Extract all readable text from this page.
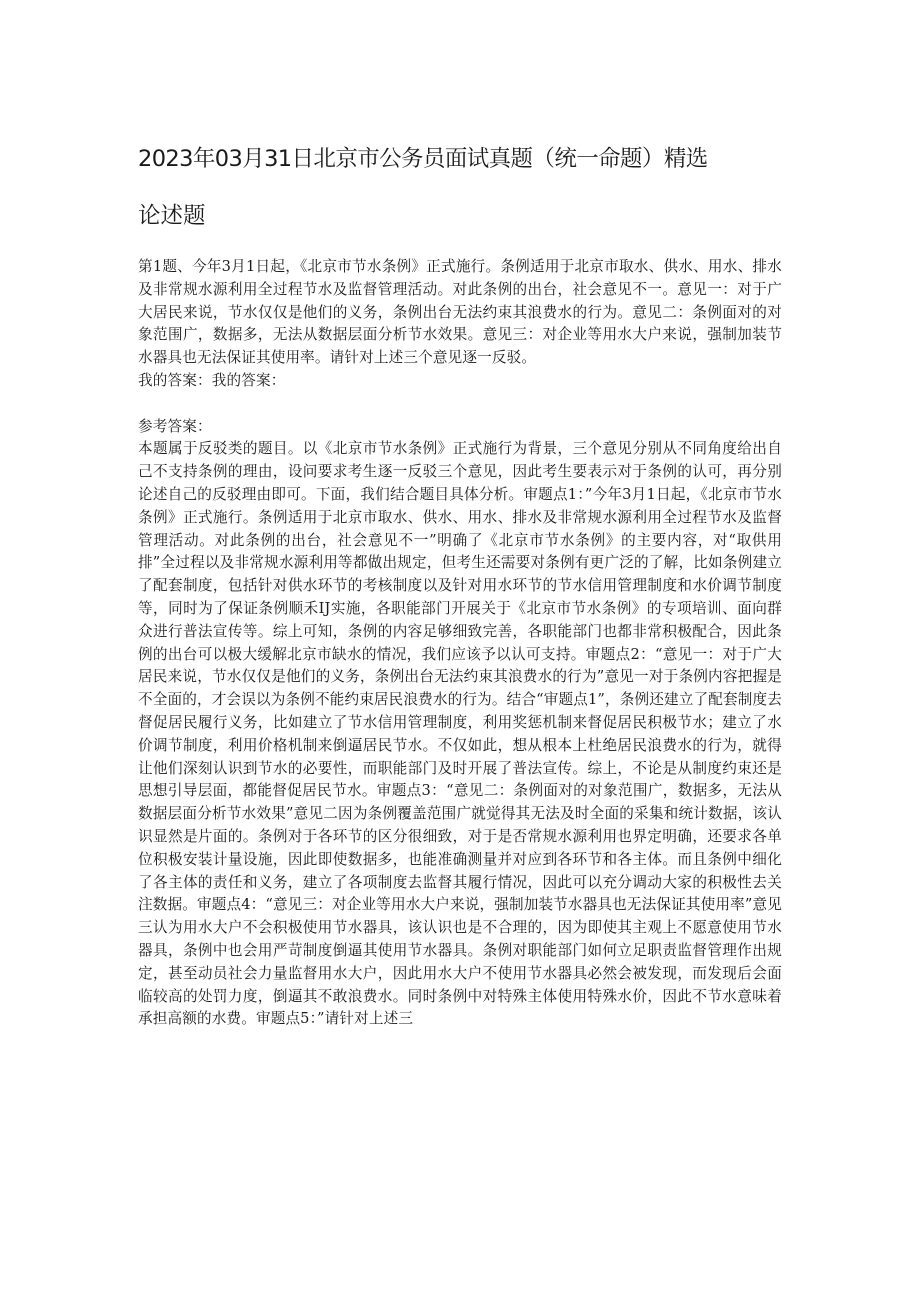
2023年03月31日北京市公务员面试真题（统一命题）精选
论述题

第1题、今年3月1日起，《北京市节水条例》正式施行。条例适用于北京市取水、供水、用水、排水及非常规水源利用全过程节水及监督管理活动。对此条例的出台，社会意见不一。意见一：对于广大居民来说，节水仅仅是他们的义务，条例出台无法约束其浪费水的行为。意见二：条例面对的对象范围广，数据多，无法从数据层面分析节水效果。意见三：对企业等用水大户来说，强制加装节水器具也无法保证其使用率。请针对上述三个意见逐一反驳。

我的答案：我的答案：

参考答案：

本题属于反驳类的题目。以《北京市节水条例》正式施行为背景，三个意见分别从不同角度给出自己不支持条例的理由，设问要求考生逐一反驳三个意见，因此考生要表示对于条例的认可，再分别论述自己的反驳理由即可。下面，我们结合题目具体分析。审题点1：”今年3月1日起，《北京市节水条例》正式施行。条例适用于北京市取水、供水、用水、排水及非常规水源利用全过程节水及监督管理活动。对此条例的出台，社会意见不一”明确了《北京市节水条例》的主要内容，对“取供用排”全过程以及非常规水源利用等都做出规定，但考生还需要对条例有更广泛的了解，比如条例建立了配套制度，包括针对供水环节的考核制度以及针对用水环节的节水信用管理制度和水价调节制度等，同时为了保证条例顺禾IJ实施，各职能部门开展关于《北京市节水条例》的专项培训、面向群众进行普法宣传等。综上可知，条例的内容足够细致完善，各职能部门也都非常积极配合，因此条例的出台可以极大缓解北京市缺水的情况，我们应该予以认可支持。审题点2：“意见一：对于广大居民来说，节水仅仅是他们的义务，条例出台无法约束其浪费水的行为”意见一对于条例内容把握是不全面的，才会误以为条例不能约束居民浪费水的行为。结合“审题点1”，条例还建立了配套制度去督促居民履行义务，比如建立了节水信用管理制度，利用奖惩机制来督促居民积极节水；建立了水价调节制度，利用价格机制来倒逼居民节水。不仅如此，想从根本上杜绝居民浪费水的行为，就得让他们深刻认识到节水的必要性，而职能部门及时开展了普法宣传。综上，不论是从制度约束还是思想引导层面，都能督促居民节水。审题点3：“意见二：条例面对的对象范围广，数据多，无法从数据层面分析节水效果”意见二因为条例覆盖范围广就觉得其无法及时全面的采集和统计数据，该认识显然是片面的。条例对于各环节的区分很细致，对于是否常规水源利用也界定明确，还要求各单位积极安装计量设施，因此即使数据多，也能准确测量并对应到各环节和各主体。而且条例中细化了各主体的责任和义务，建立了各项制度去监督其履行情况，因此可以充分调动大家的积极性去关注数据。审题点4：“意见三：对企业等用水大户来说，强制加装节水器具也无法保证其使用率”意见三认为用水大户不会积极使用节水器具，该认识也是不合理的，因为即使其主观上不愿意使用节水器具，条例中也会用严苛制度倒逼其使用节水器具。条例对职能部门如何立足职责监督管理作出规定，甚至动员社会力量监督用水大户，因此用水大户不使用节水器具必然会被发现，而发现后会面临较高的处罚力度，倒逼其不敢浪费水。同时条例中对特殊主体使用特殊水价，因此不节水意味着承担高额的水费。审题点5：”请针对上述三
